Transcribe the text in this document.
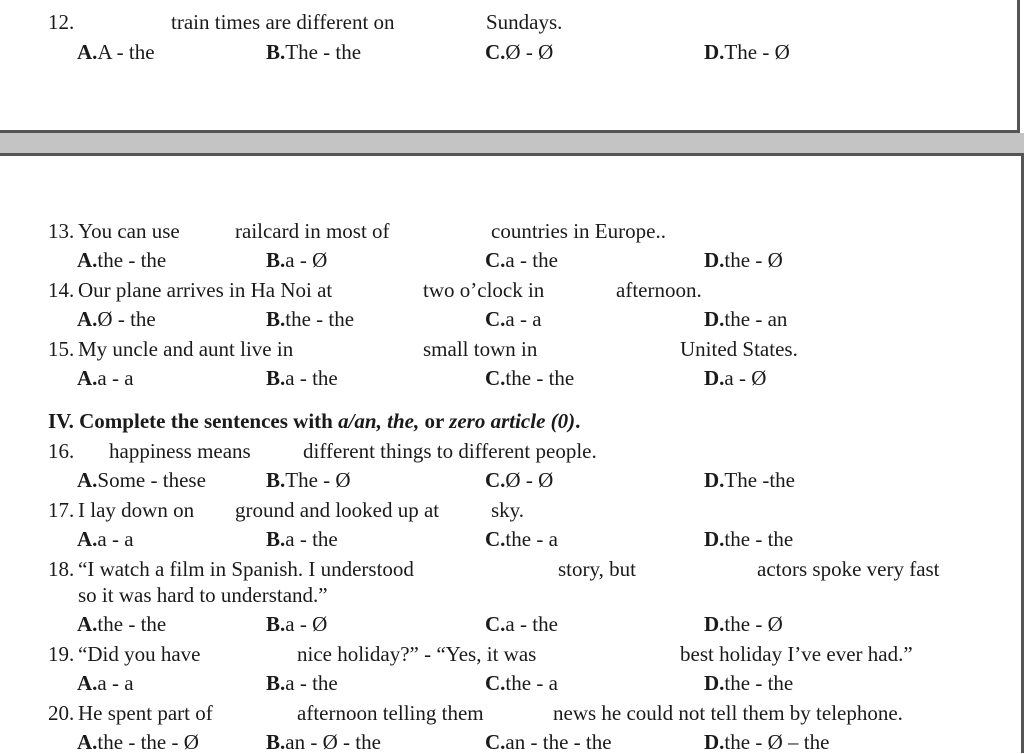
12.	train times are different on	Sundays.
A.A - the	B.The - the	C.Ø - Ø	D.The - Ø
13. You can use	railcard in most of	countries in Europe..
A.the - the	B.a - Ø	C.a - the	D.the - Ø
14. Our plane arrives in Ha Noi at	two o’clock in	afternoon.
A.Ø - the	B.the - the	C.a - a	D.the - an
15. My uncle and aunt live in	small town in	United States.
A.a - a	B.a - the	C.the - the	D.a - Ø
IV. Complete the sentences with a/an, the, or zero article (0).
16. happiness means different things to different people.
A.Some - these	B.The - Ø	C.Ø - Ø	D.The -the
17. I lay down on ground and looked up at sky.
A.a - a	B.a - the	C.the - a	D.the - the
18. “I watch a film in Spanish. I understood	story, but	actors spoke very fast
so it was hard to understand.”
A.the - the	B.a - Ø	C.a - the	D.the - Ø
19. “Did you have	nice holiday?” - “Yes, it was	best holiday I’ve ever had.”
A.a - a	B.a - the	C.the - a	D.the - the
20. He spent part of	afternoon telling them	news he could not tell them by telephone.
A.the - the - Ø	B.an - Ø - the	C.an - the - the	D.the - Ø – the
